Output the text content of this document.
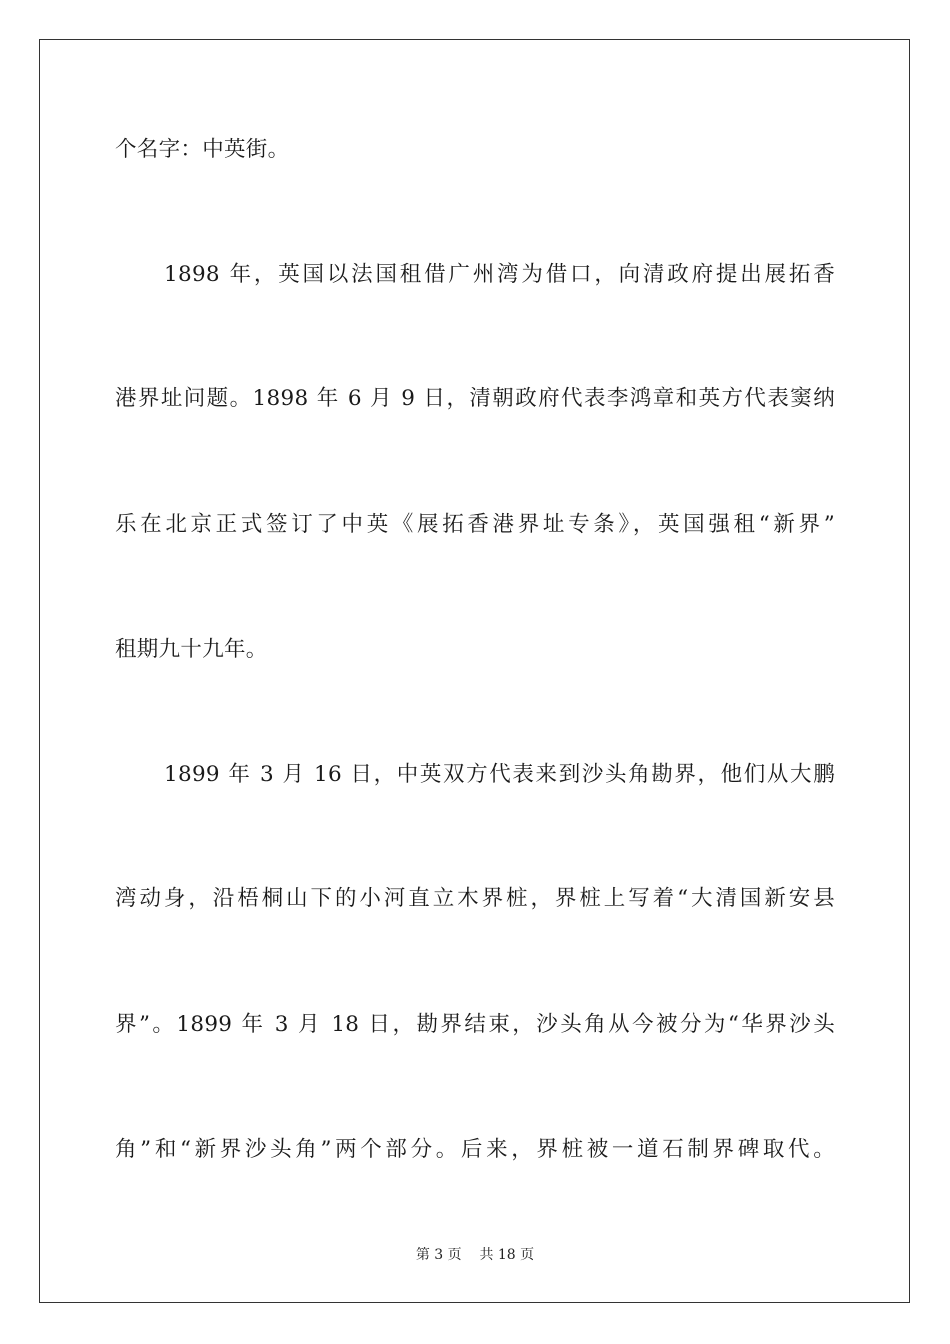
个名字：中英街。
1898 年，英国以法国租借广州湾为借口，向清政府提出展拓香
港界址问题。1898 年 6 月 9 日，清朝政府代表李鸿章和英方代表窦纳
乐在北京正式签订了中英《展拓香港界址专条》，英国强租“新界”
租期九十九年。
1899 年 3 月 16 日，中英双方代表来到沙头角勘界，他们从大鹏
湾动身，沿梧桐山下的小河直立木界桩，界桩上写着“大清国新安县
界”。1899 年 3 月 18 日，勘界结束，沙头角从今被分为“华界沙头
角”和“新界沙头角”两个部分。后来，界桩被一道石制界碑取代。
第 3 页 共 18 页
